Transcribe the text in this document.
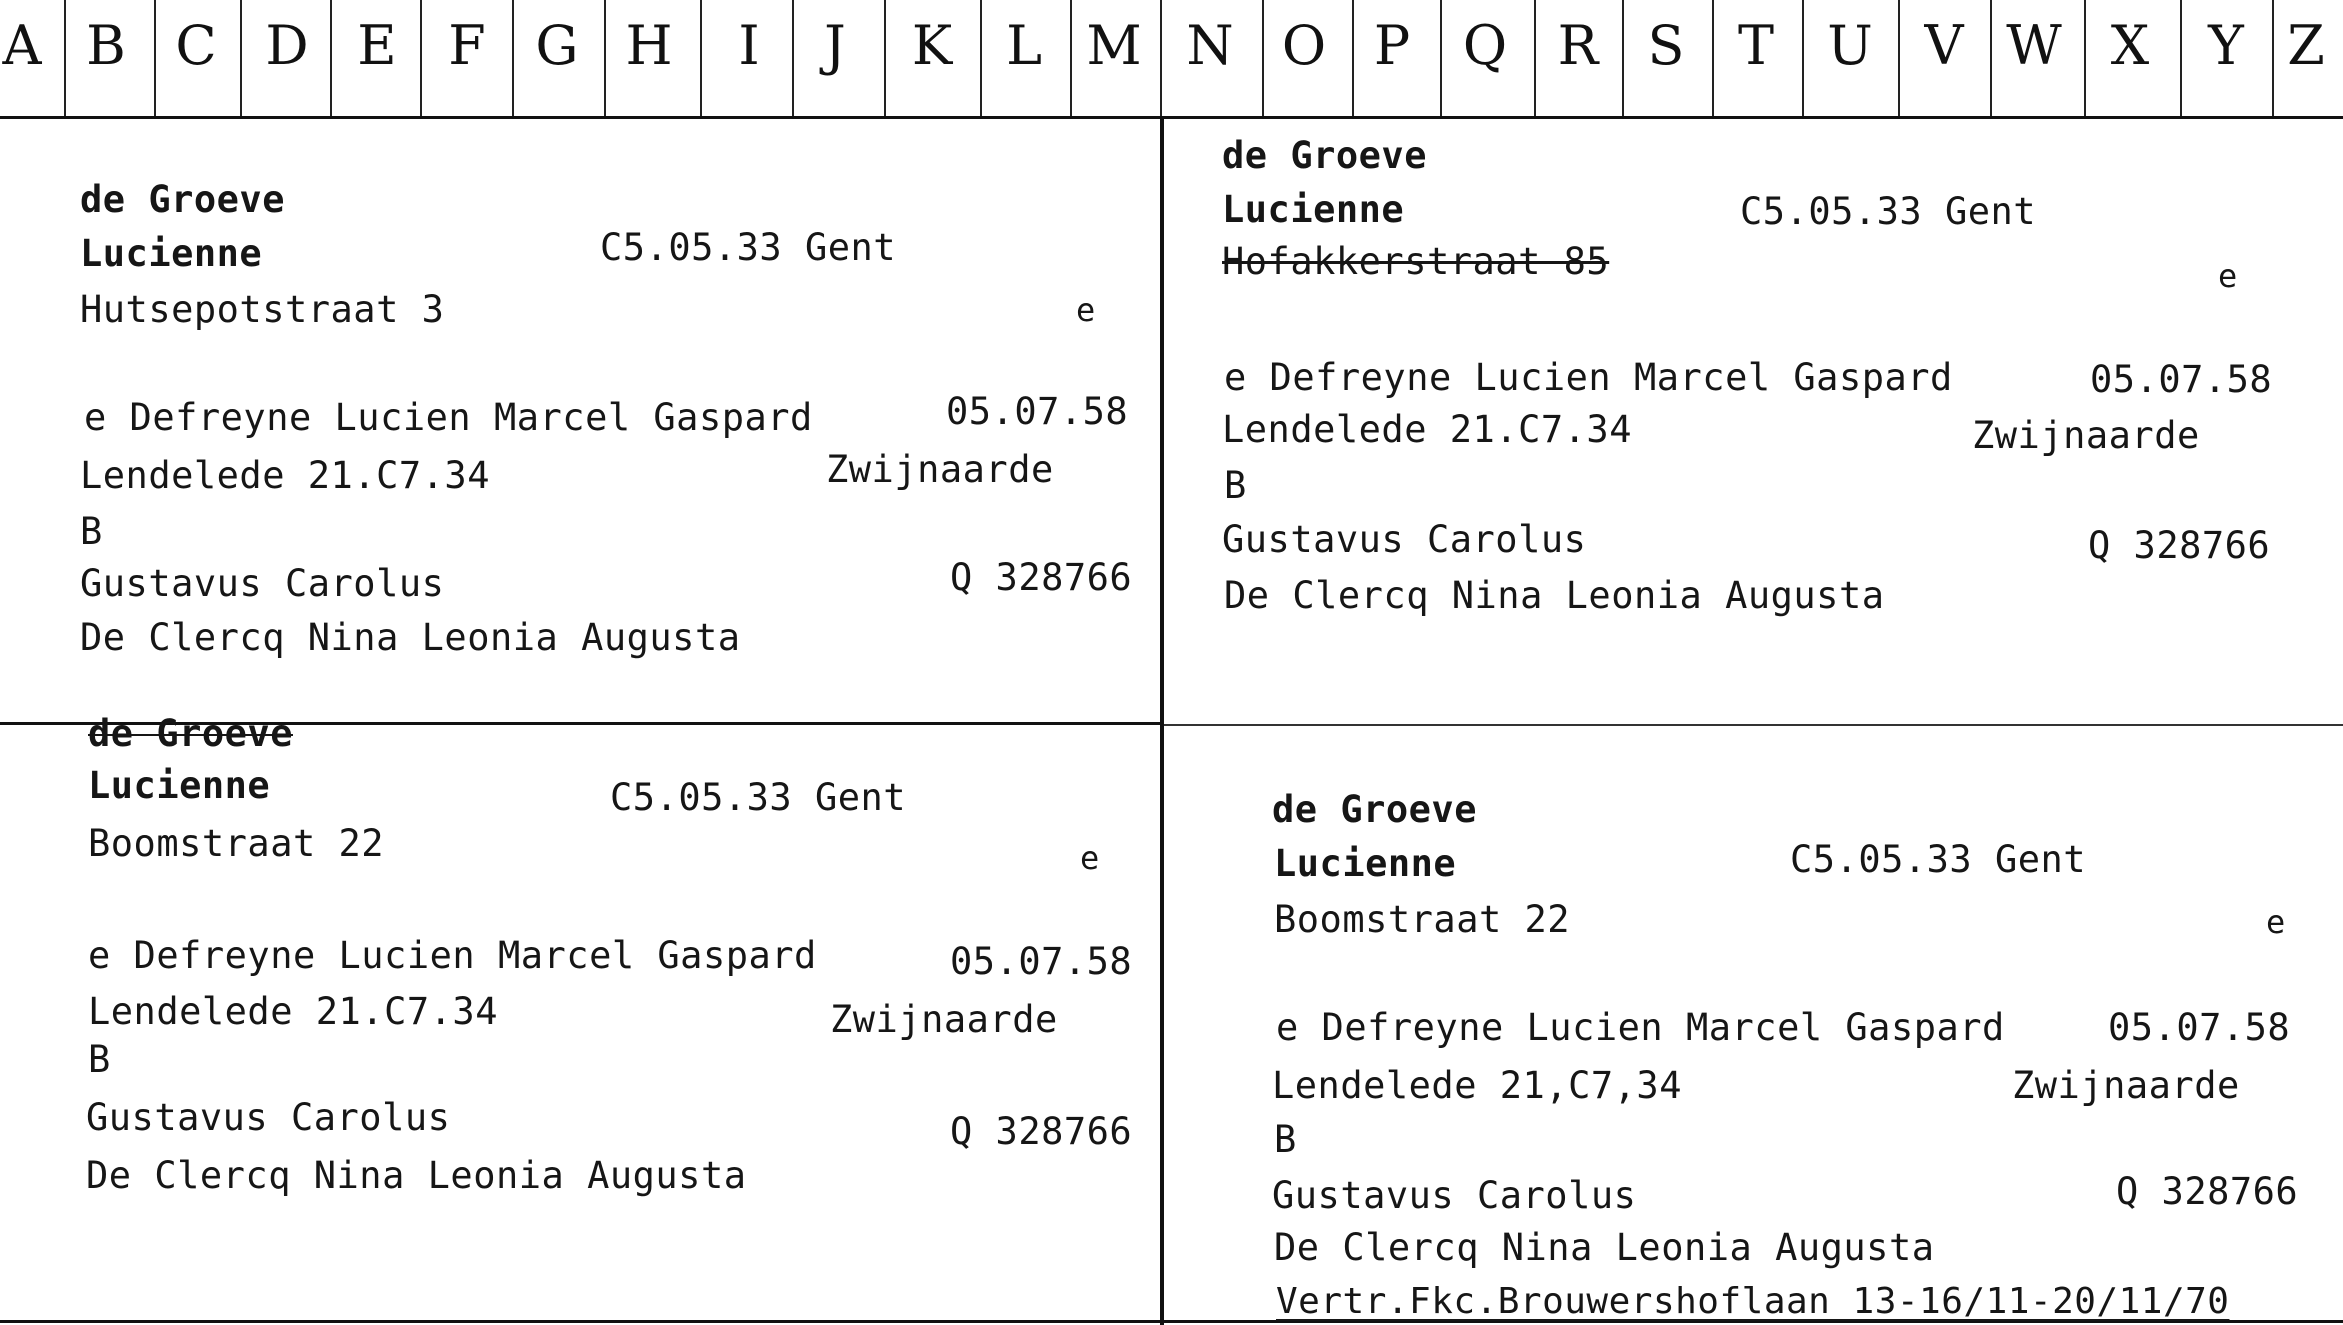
A B C D E F G H	I	J	K L M N O P Q R S T U V W X	Y Z
de Groeve
Lucienne	C5.05.33 Gent
Hutsepotstraat 3	e
e Defreyne Lucien Marcel Gaspard	05.07.58
Lendelede 21.C7.34	Zwijnaarde
B
Gustavus Carolus	Q 328766
De Clercq Nina Leonia Augusta
de Groeve
Lucienne	C5.05.33 Gent
Hofakkerstraat 85	e
e Defreyne Lucien Marcel Gaspard	05.07.58
Lendelede 21.C7.34	Zwijnaarde
B
Gustavus Carolus	Q 328766
De Clercq Nina Leonia Augusta
de Groeve
Lucienne	C5.05.33 Gent
Boomstraat 22	e
e Defreyne Lucien Marcel Gaspard	05.07.58
Lendelede 21.C7.34	Zwijnaarde
B
Gustavus Carolus	Q 328766
De Clercq Nina Leonia Augusta
de Groeve
Lucienne	C5.05.33 Gent
Boomstraat 22	e
e Defreyne Lucien Marcel Gaspard	05.07.58
Lendelede 21,C7,34	Zwijnaarde
B
Gustavus Carolus	Q 328766
De Clercq Nina Leonia Augusta
Vertr.Fkc.Brouwershoflaan 13-16/11-20/11/70
